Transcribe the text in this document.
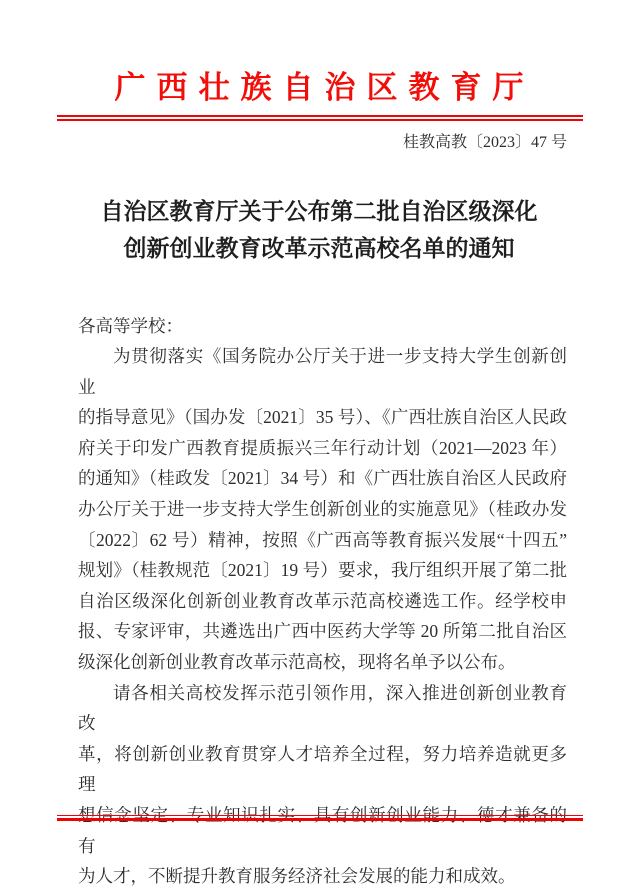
广西壮族自治区教育厅
桂教高教〔2023〕47 号
自治区教育厅关于公布第二批自治区级深化
创新创业教育改革示范高校名单的通知
各高等学校：
为贯彻落实《国务院办公厅关于进一步支持大学生创新创业
的指导意见》（国办发〔2021〕35 号）、《广西壮族自治区人民政
府关于印发广西教育提质振兴三年行动计划（2021—2023 年）
的通知》（桂政发〔2021〕34 号）和《广西壮族自治区人民政府
办公厅关于进一步支持大学生创新创业的实施意见》（桂政办发
〔2022〕62 号）精神，按照《广西高等教育振兴发展“十四五”
规划》（桂教规范〔2021〕19 号）要求，我厅组织开展了第二批
自治区级深化创新创业教育改革示范高校遴选工作。经学校申
报、专家评审，共遴选出广西中医药大学等 20 所第二批自治区
级深化创新创业教育改革示范高校，现将名单予以公布。
请各相关高校发挥示范引领作用，深入推进创新创业教育改
革，将创新创业教育贯穿人才培养全过程，努力培养造就更多理
想信念坚定、专业知识扎实、具有创新创业能力、德才兼备的有
为人才，不断提升教育服务经济社会发展的能力和成效。
